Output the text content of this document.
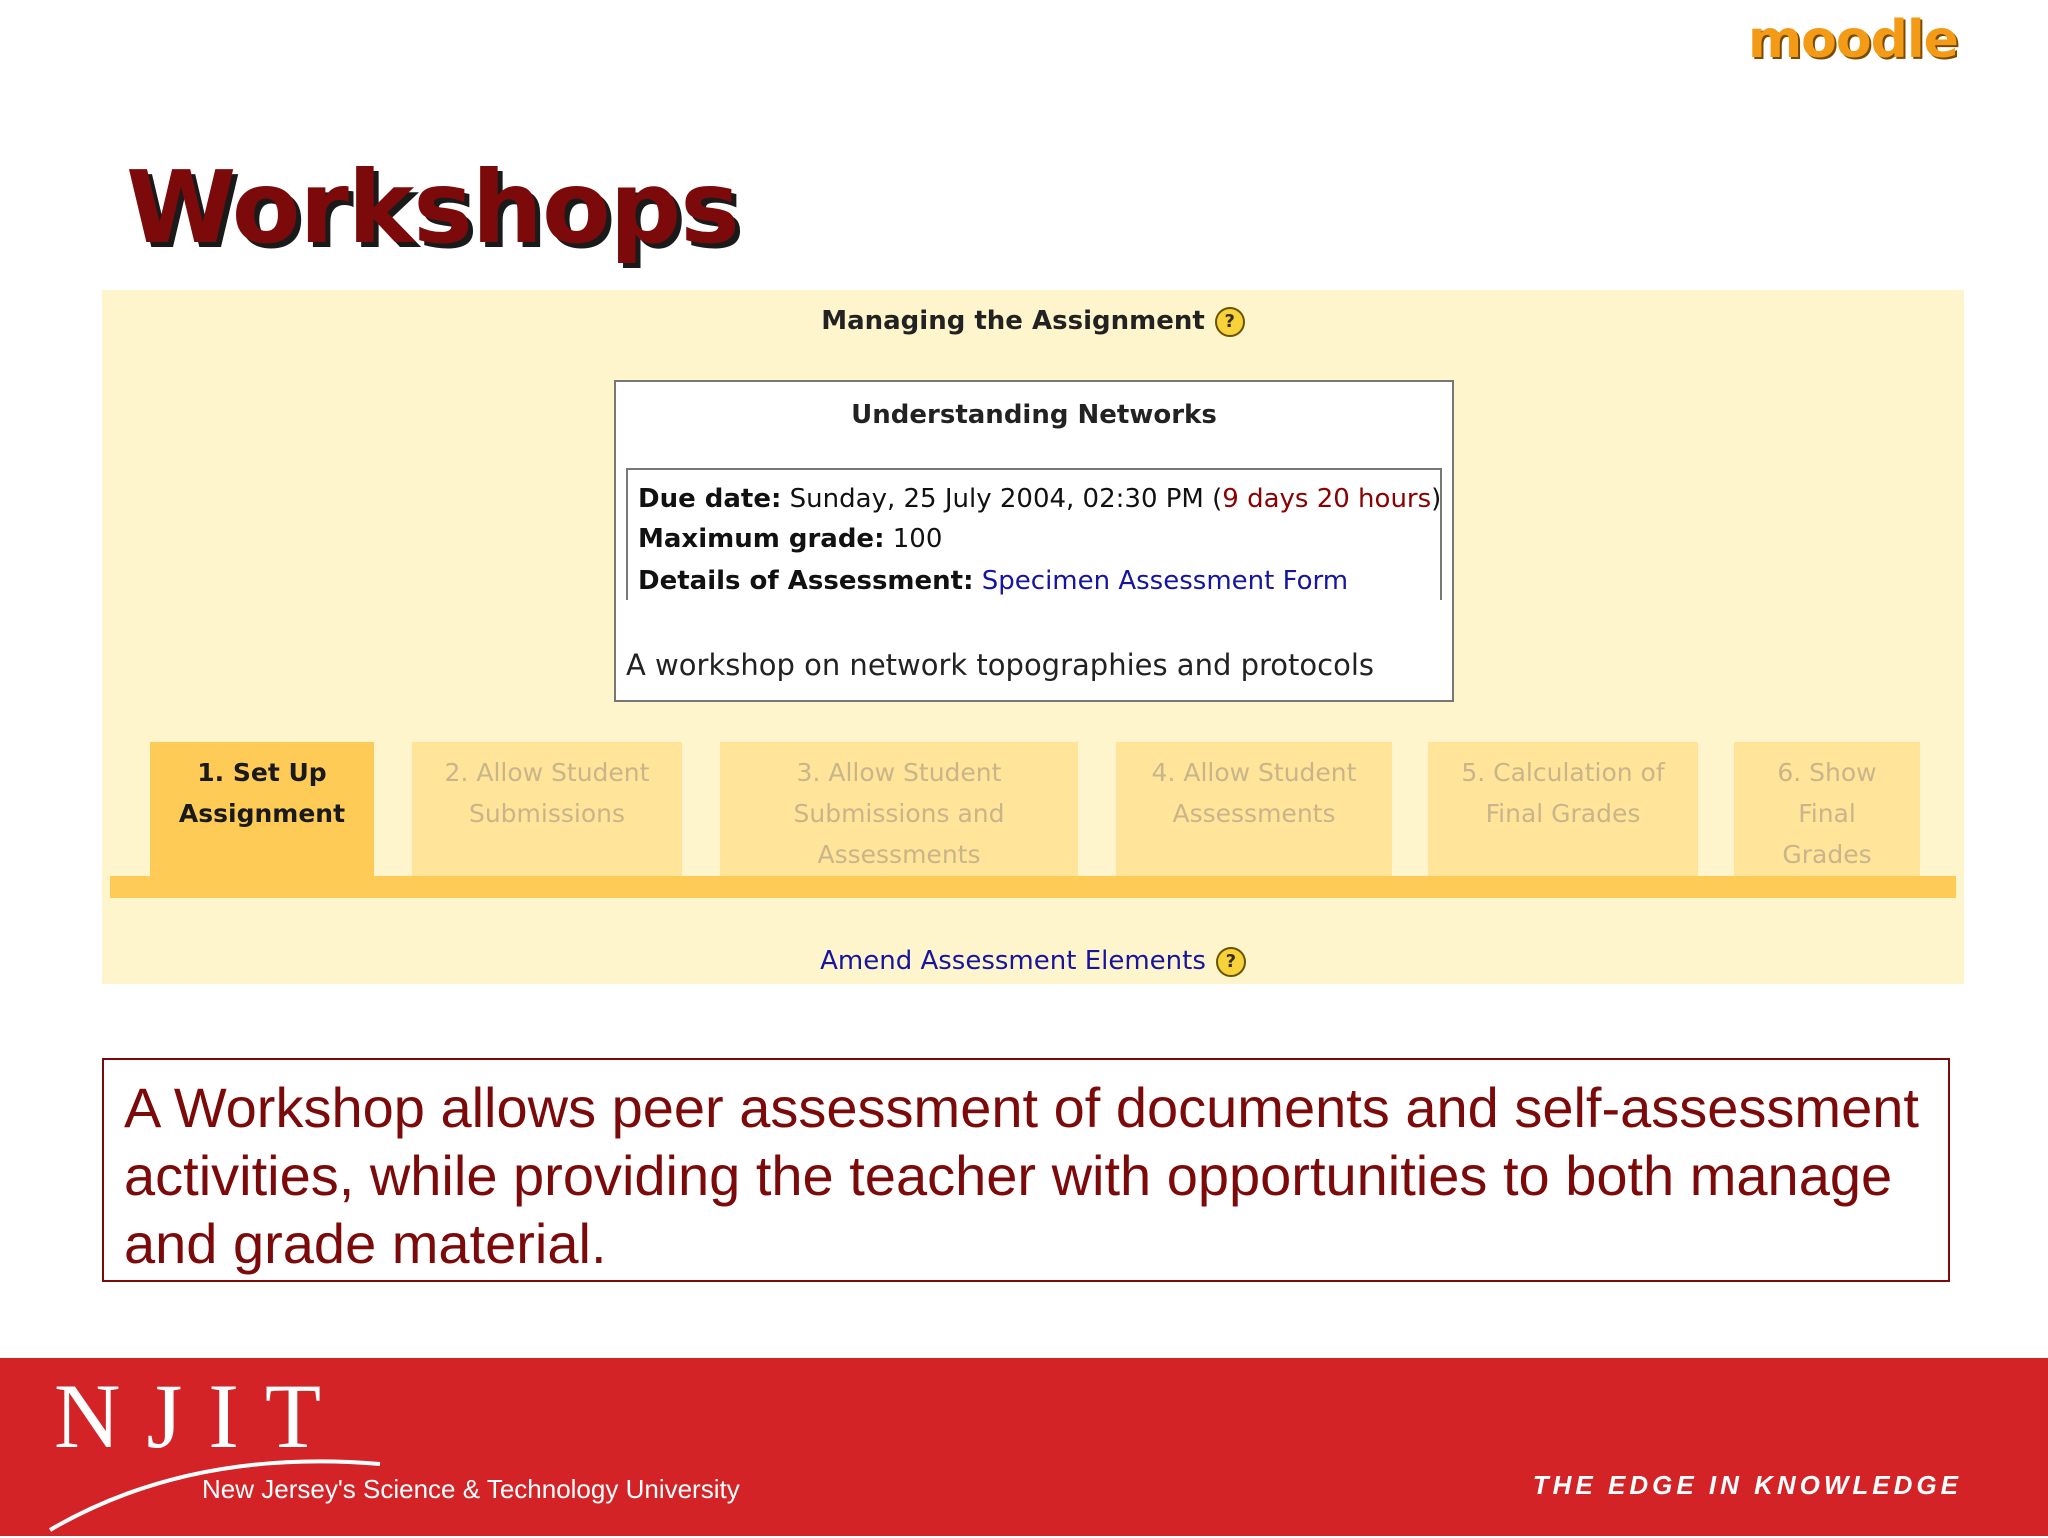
moodle
Workshops
Managing the Assignment ?
Understanding Networks
Due date: Sunday, 25 July 2004, 02:30 PM (9 days 20 hours)
Maximum grade: 100
Details of Assessment: Specimen Assessment Form
A workshop on network topographies and protocols
1. Set Up
Assignment
2. Allow Student
Submissions
3. Allow Student
Submissions and
Assessments
4. Allow Student
Assessments
5. Calculation of
Final Grades
6. Show
Final
Grades
Amend Assessment Elements ?
A Workshop allows peer assessment of documents and self-assessment activities, while providing the teacher with opportunities to both manage and grade material.
NJIT
New Jersey's Science & Technology University	THE EDGE IN KNOWLEDGE
